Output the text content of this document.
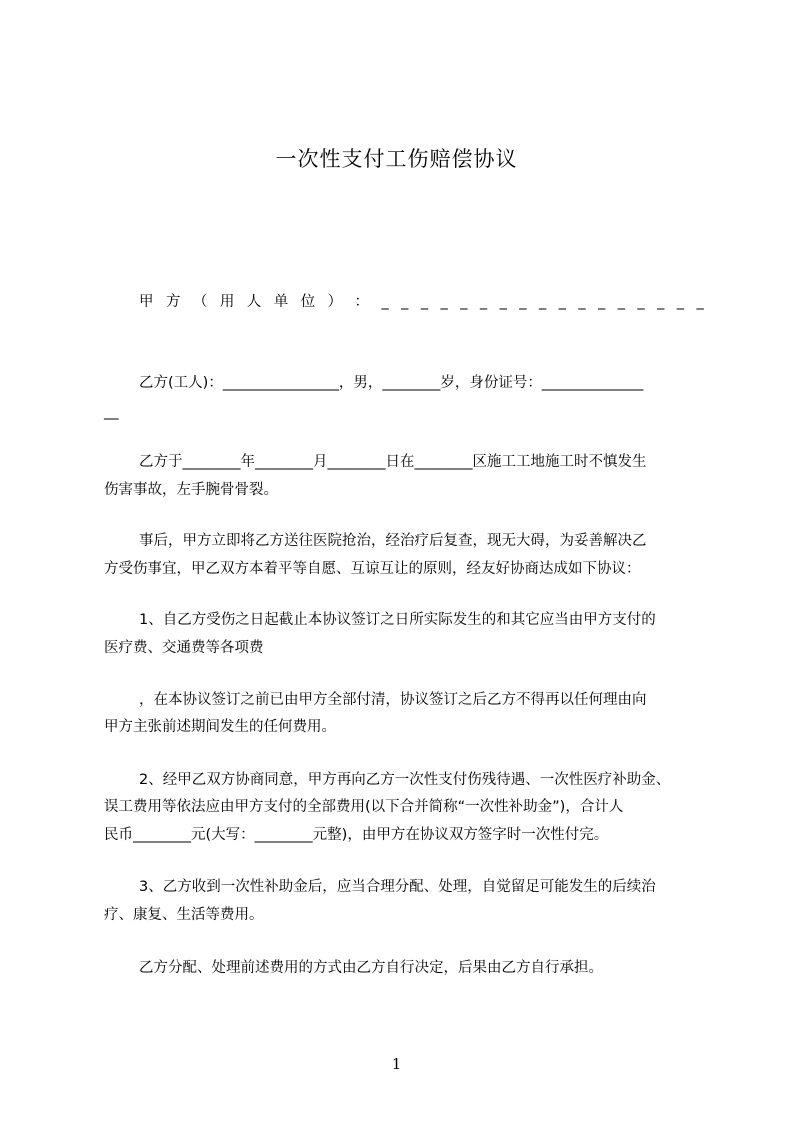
一次性支付工伤赔偿协议
甲 方 （ 用 人 单 位 ） ： _ _ _ _ _ _ _ _ _ _ _ _ _ _ _ _ _
乙方(工人)：________________，男，________岁，身份证号：______________
__
乙方于________年________月________日在________区施工工地施工时不慎发生
伤害事故，左手腕骨骨裂。
事后，甲方立即将乙方送往医院抢治，经治疗后复查，现无大碍，为妥善解决乙
方受伤事宜，甲乙双方本着平等自愿、互谅互让的原则，经友好协商达成如下协议：
1、自乙方受伤之日起截止本协议签订之日所实际发生的和其它应当由甲方支付的
医疗费、交通费等各项费
，在本协议签订之前已由甲方全部付清，协议签订之后乙方不得再以任何理由向
甲方主张前述期间发生的任何费用。
2、经甲乙双方协商同意，甲方再向乙方一次性支付伤残待遇、一次性医疗补助金、
误工费用等依法应由甲方支付的全部费用(以下合并简称“一次性补助金”)，合计人
民币________元(大写：________元整)，由甲方在协议双方签字时一次性付完。
3、乙方收到一次性补助金后，应当合理分配、处理，自觉留足可能发生的后续治
疗、康复、生活等费用。
乙方分配、处理前述费用的方式由乙方自行决定，后果由乙方自行承担。
1
